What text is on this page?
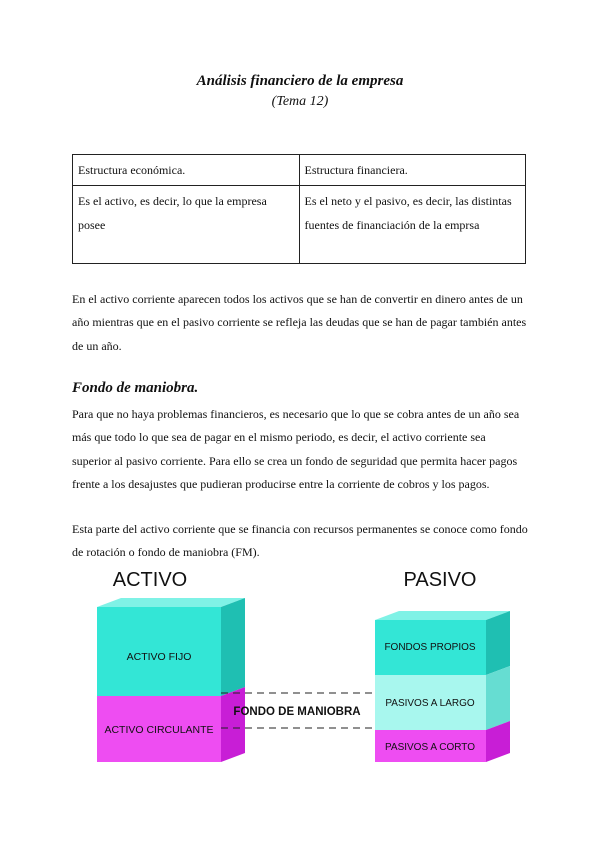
Análisis financiero de la empresa
(Tema 12)
Estructura económica.	Estructura financiera.
Es el activo, es decir, lo que la empresa posee	Es el neto y el pasivo, es decir, las distintas fuentes de financiación de la emprsa

En el activo corriente aparecen todos los activos que se han de convertir en dinero antes de un año mientras que en el pasivo corriente se refleja las deudas que se han de pagar también antes de un año.

Fondo de maniobra.

Para que no haya problemas financieros, es necesario que lo que se cobra antes de un año sea más que todo lo que sea de pagar en el mismo periodo, es decir, el activo corriente sea superior al pasivo corriente. Para ello se crea un fondo de seguridad que permita hacer pagos frente a los desajustes que pudieran producirse entre la corriente de cobros y los pagos.

Esta parte del activo corriente que se financia con recursos permanentes se conoce como fondo de rotación o fondo de maniobra (FM).

ACTIVO	PASIVO
ACTIVO FIJO
ACTIVO CIRCULANTE
FONDO DE MANIOBRA
FONDOS PROPIOS
PASIVOS A LARGO
PASIVOS A CORTO
